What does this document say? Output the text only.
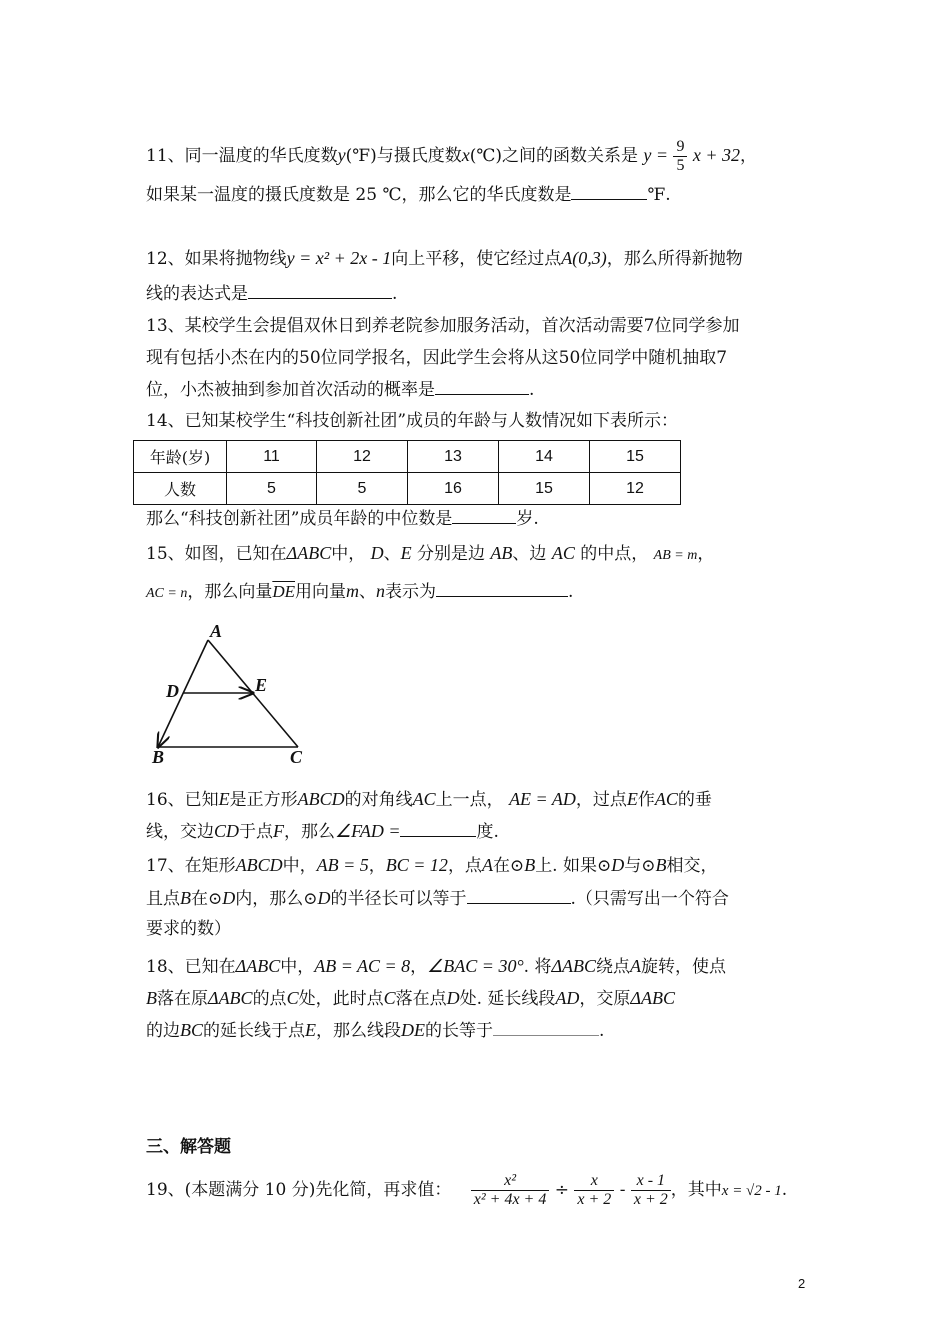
11、同一温度的华氏度数y(℉)与摄氏度数x(℃)之间的函数关系是 $y = \frac{9}{5}$ x + 32，
如果某一温度的摄氏度数是 25 ℃，那么它的华氏度数是	℉.
12、如果将抛物线y = x² + 2x - 1向上平移，使它经过点A(0,3)，那么所得新抛物
线的表达式是	.
13、某校学生会提倡双休日到养老院参加服务活动，首次活动需要7位同学参加
现有包括小杰在内的50位同学报名，因此学生会将从这50位同学中随机抽取7
位，小杰被抽到参加首次活动的概率是	.
14、已知某校学生“科技创新社团”成员的年龄与人数情况如下表所示：
年龄(岁)	11	12	13	14	15
人数	5	5	16	15	12
那么“科技创新社团”成员年龄的中位数是	岁.
15、如图，已知在ΔABC中， D、E 分别是边 AB、边 AC 的中点， AB = m，
AC = n，那么向量$\overline{DE}$用向量m、n表示为	.
A
D	E
B	C
16、已知E是正方形ABCD的对角线AC上一点， AE = AD，过点E作AC的垂
线，交边CD于点F，那么∠FAD =	度.
17、在矩形ABCD中，AB = 5，BC = 12，点A在⊙B上. 如果⊙D与⊙B相交，
且点B在⊙D内，那么⊙D的半径长可以等于	.（只需写出一个符合
要求的数）
18、已知在ΔABC中，AB = AC = 8，∠BAC = 30°. 将ΔABC绕点A旋转，使点
B落在原ΔABC的点C处，此时点C落在点D处. 延长线段AD，交原ΔABC
的边BC的延长线于点E，那么线段DE的长等于	.
三、解答题
19、(本题满分 10 分)先化简，再求值： $\frac{\text{x²}}{\text{x² + 4x + 4}} \div \frac{x}{x + 2} - \frac{x - 1}{x + 2}$ ，其中x = √2 - 1.
2
